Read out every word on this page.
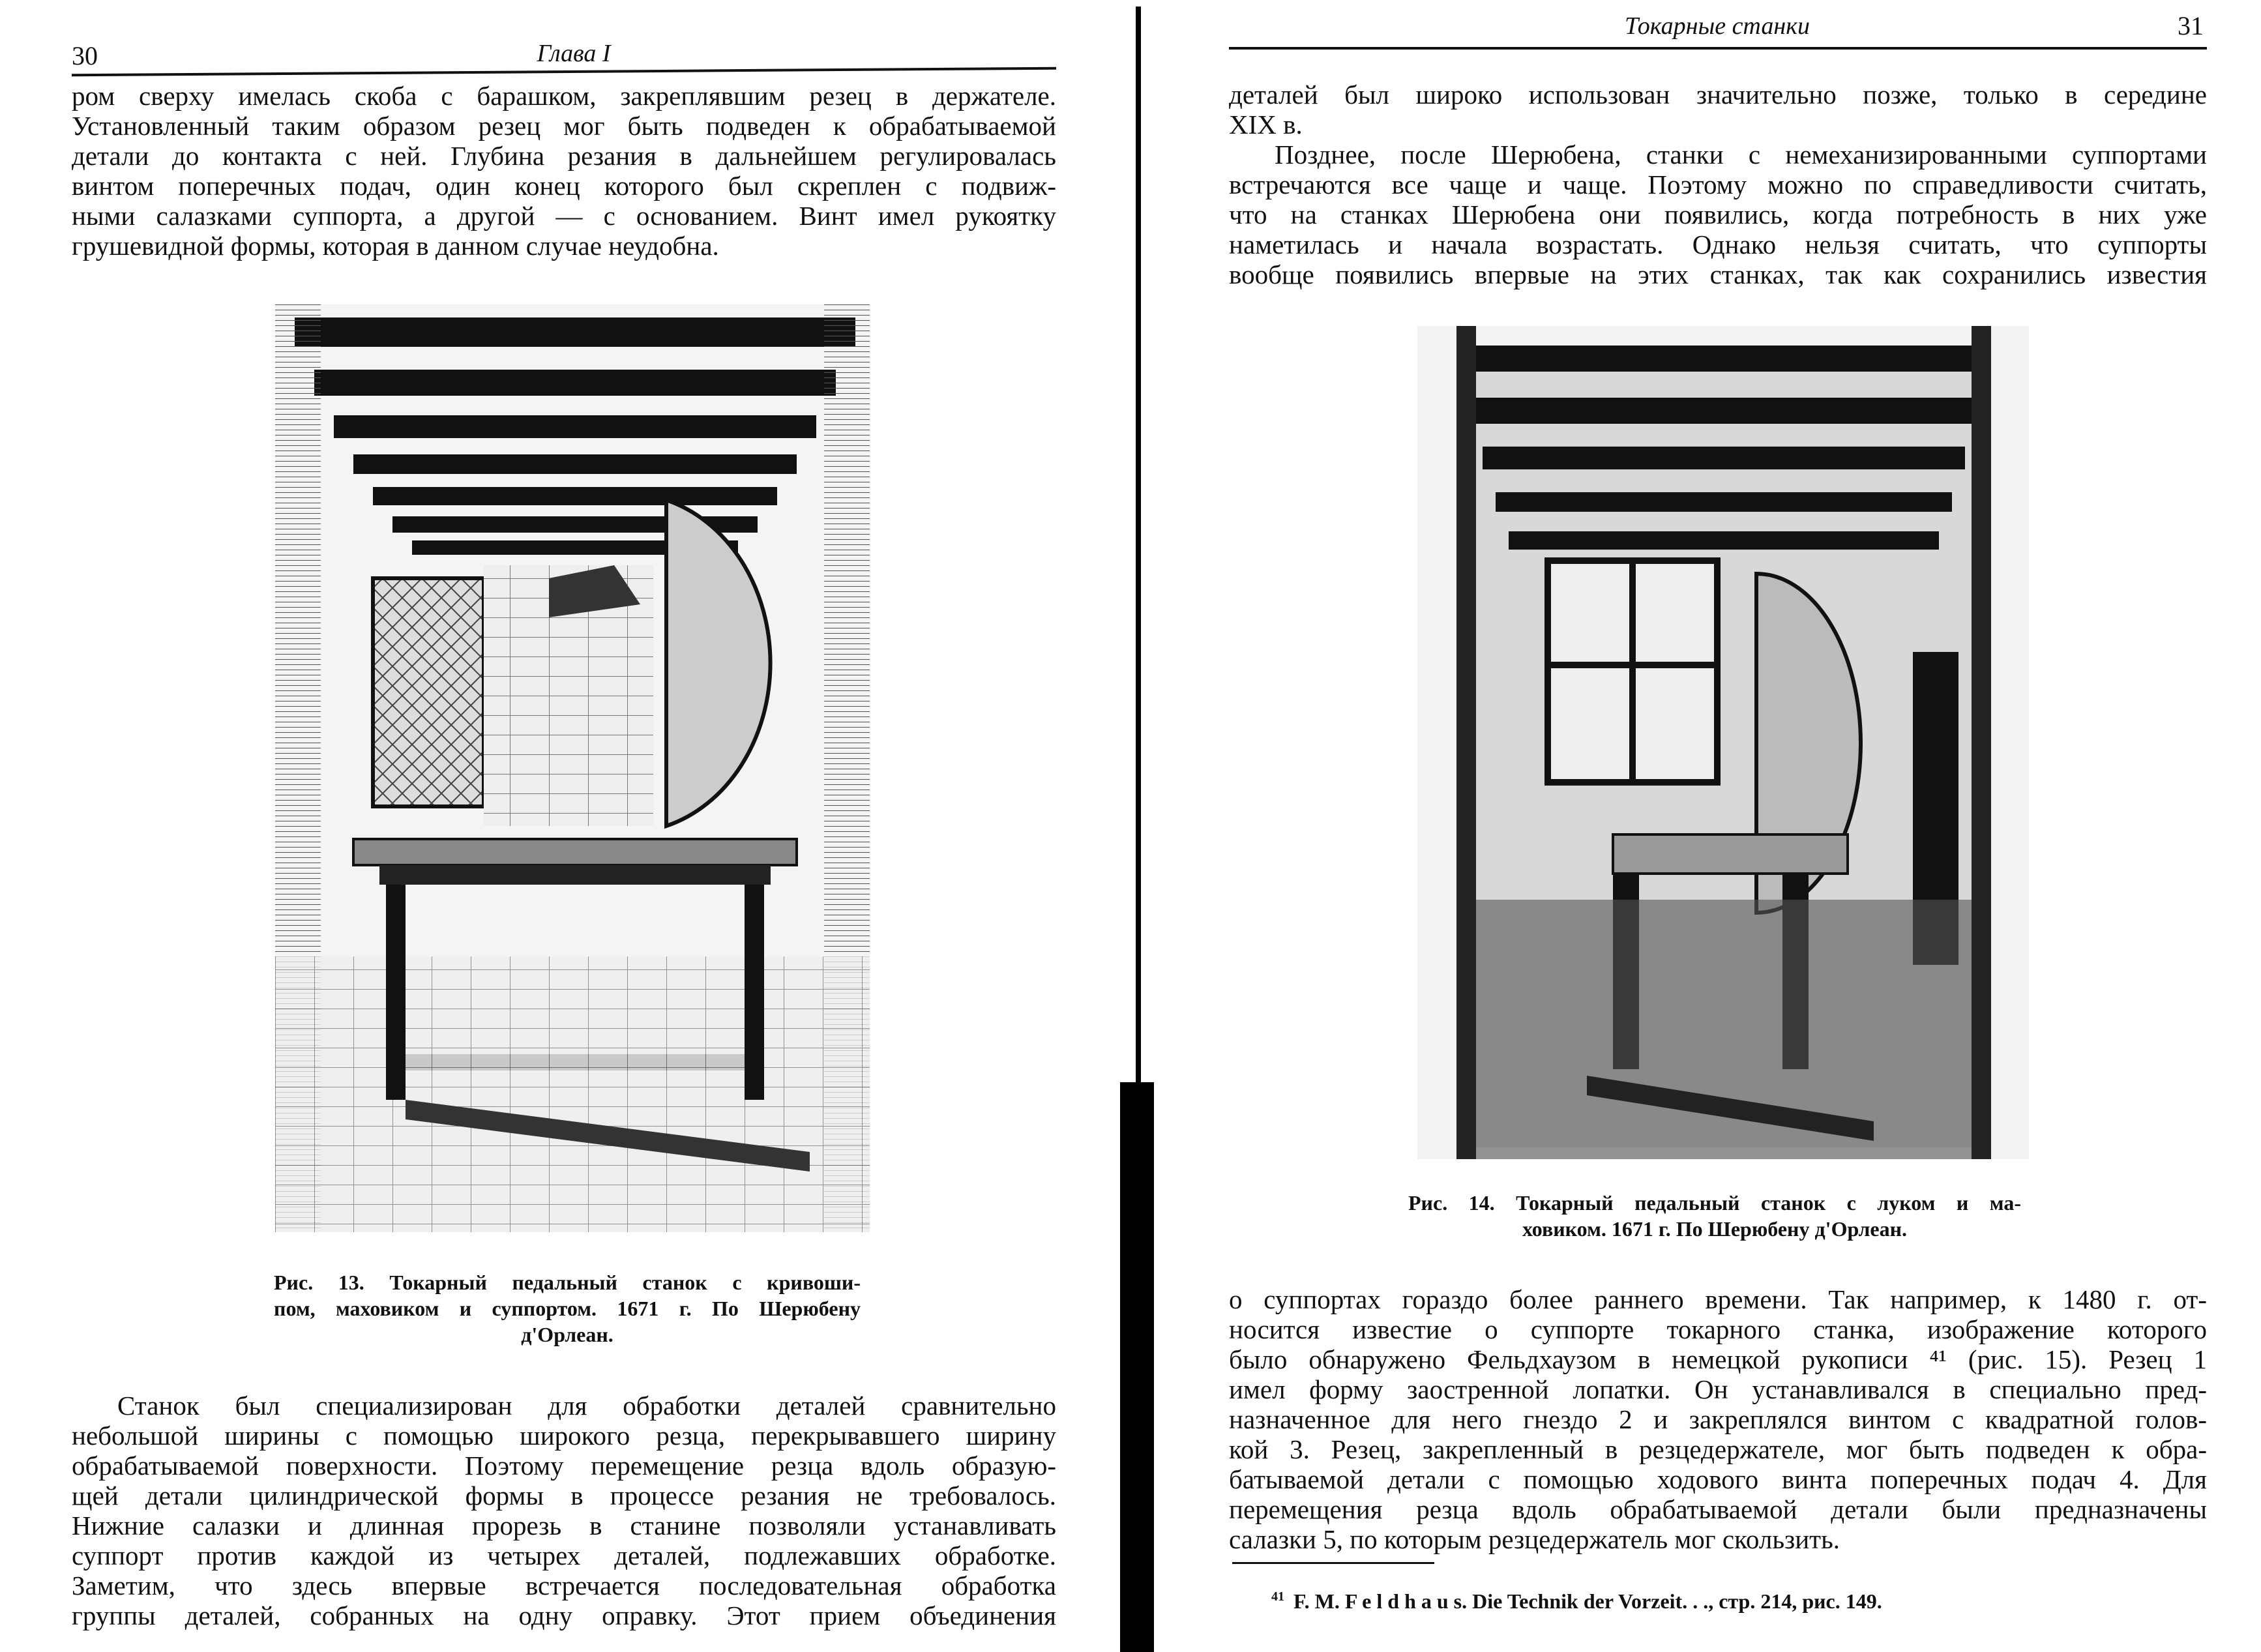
30	Глава I
ром сверху имелась скоба с барашком, закреплявшим резец в держателе.
Установленный таким образом резец мог быть подведен к обрабатываемой
детали до контакта с ней. Глубина резания в дальнейшем регулировалась
винтом поперечных подач, один конец которого был скреплен с подвиж-
ными салазками суппорта, а другой — с основанием. Винт имел рукоятку
грушевидной формы, которая в данном случае неудобна.
Рис. 13. Токарный педальный станок с кривоши-
пом, маховиком и суппортом. 1671 г. По Шерюбену
д'Орлеан.
Станок был специализирован для обработки деталей сравнительно
небольшой ширины с помощью широкого резца, перекрывавшего ширину
обрабатываемой поверхности. Поэтому перемещение резца вдоль образую-
щей детали цилиндрической формы в процессе резания не требовалось.
Нижние салазки и длинная прорезь в станине позволяли устанавливать
суппорт против каждой из четырех деталей, подлежавших обработке.
Заметим, что здесь впервые встречается последовательная обработка
группы деталей, собранных на одну оправку. Этот прием объединения
Токарные станки	31
деталей был широко использован значительно позже, только в середине
XIX в.
Позднее, после Шерюбена, станки с немеханизированными суппортами
встречаются все чаще и чаще. Поэтому можно по справедливости считать,
что на станках Шерюбена они появились, когда потребность в них уже
наметилась и начала возрастать. Однако нельзя считать, что суппорты
вообще появились впервые на этих станках, так как сохранились известия
Рис. 14. Токарный педальный станок с луком и ма-
ховиком. 1671 г. По Шерюбену д'Орлеан.
о суппортах гораздо более раннего времени. Так например, к 1480 г. от-
носится известие о суппорте токарного станка, изображение которого
было обнаружено Фельдхаузом в немецкой рукописи ⁴¹ (рис. 15). Резец 1
имел форму заостренной лопатки. Он устанавливался в специально пред-
назначенное для него гнездо 2 и закреплялся винтом с квадратной голов-
кой 3. Резец, закрепленный в резцедержателе, мог быть подведен к обра-
батываемой детали с помощью ходового винта поперечных подач 4. Для
перемещения резца вдоль обрабатываемой детали были предназначены
салазки 5, по которым резцедержатель мог скользить.
$^{41}$ F. M. F e l d h a u s. Die Technik der Vorzeit. . ., стр. 214, рис. 149.
